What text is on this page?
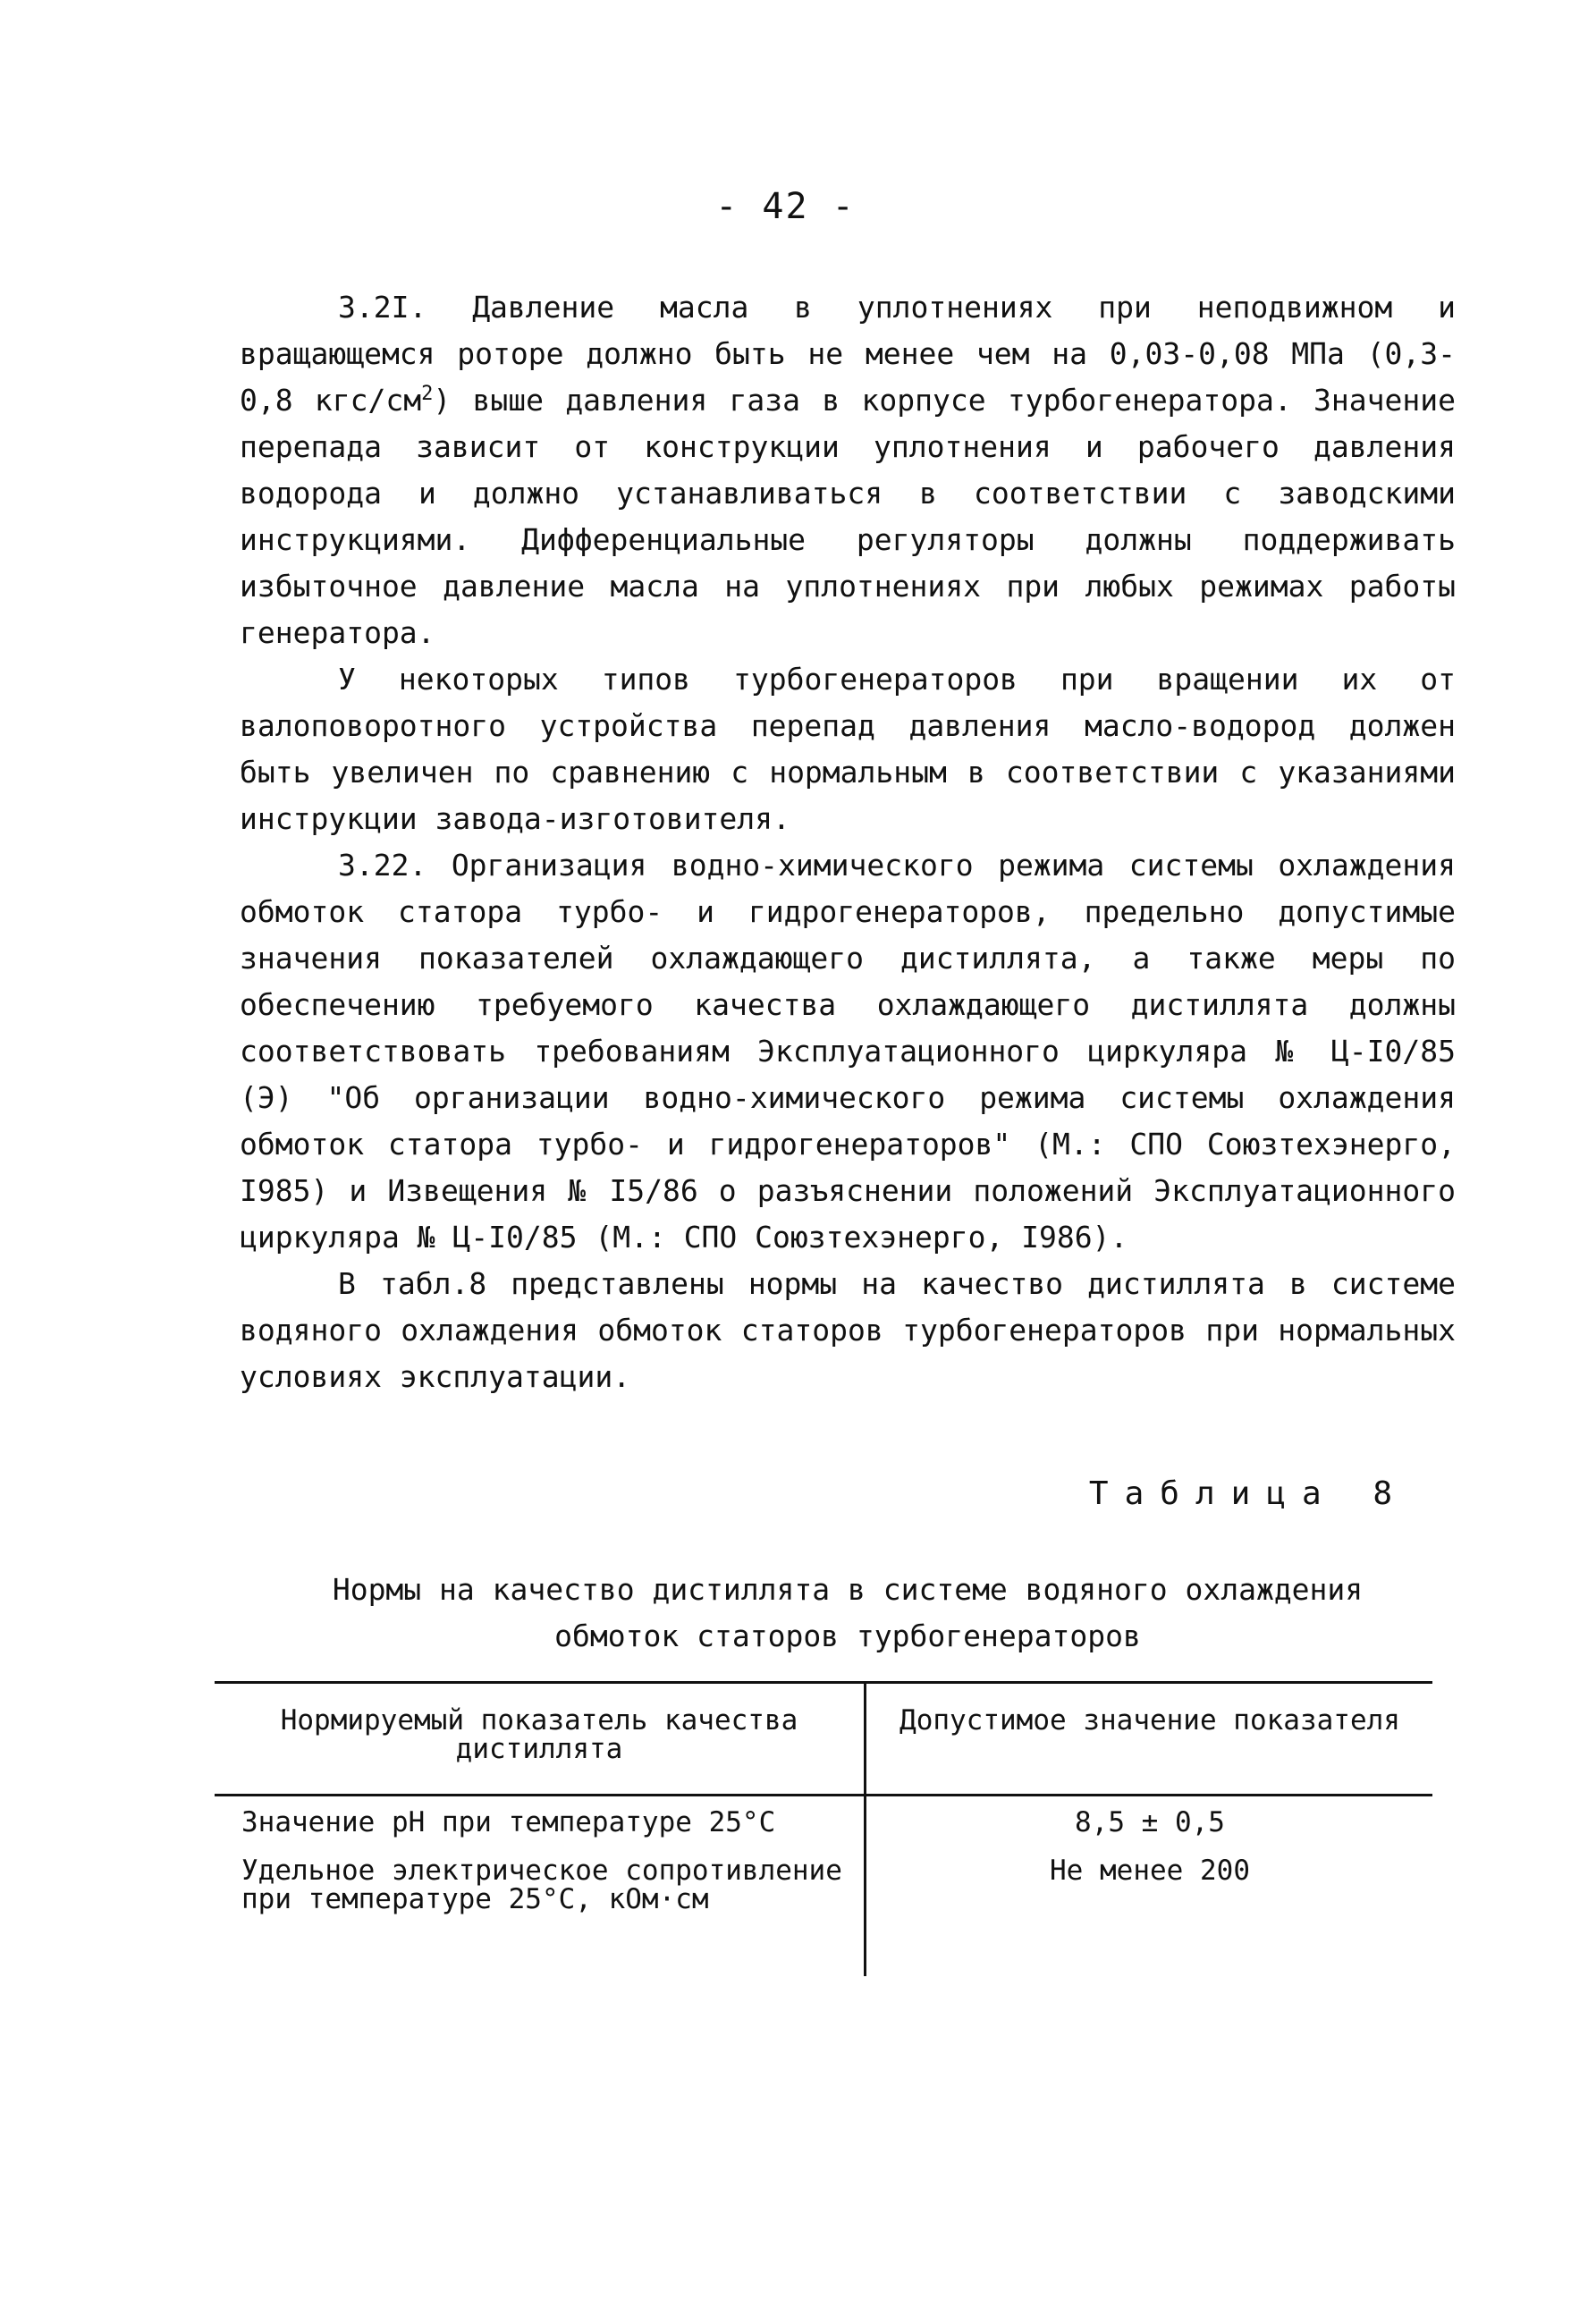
- 42 -

3.2I. Давление масла в уплотнениях при неподвижном и вращающемся роторе должно быть не менее чем на 0,03-0,08 МПа (0,3-0,8 кгс/$см^2$) выше давления газа в корпусе турбогенератора. Значение перепада зависит от конструкции уплотнения и рабочего давления водорода и должно устанавливаться в соответствии с заводскими инструкциями. Дифференциальные регуляторы должны поддерживать избыточное давление масла на уплотнениях при любых режимах работы генератора.

У некоторых типов турбогенераторов при вращении их от валоповоротного устройства перепад давления масло-водород должен быть увеличен по сравнению с нормальным в соответствии с указаниями инструкции завода-изготовителя.

3.22. Организация водно-химического режима системы охлаждения обмоток статора турбо- и гидрогенераторов, предельно допустимые значения показателей охлаждающего дистиллята, а также меры по обеспечению требуемого качества охлаждающего дистиллята должны соответствовать требованиям Эксплуатационного циркуляра № Ц-I0/85 (Э) "Об организации водно-химического режима системы охлаждения обмоток статора турбо- и гидрогенераторов" (М.: СПО Союзтехэнерго, I985) и Извещения № I5/86 о разъяснении положений Эксплуатационного циркуляра № Ц-I0/85 (М.: СПО Союзтехэнерго, I986).

В табл.8 представлены нормы на качество дистиллята в системе водяного охлаждения обмоток статоров турбогенераторов при нормальных условиях эксплуатации.

Таблица 8
Нормы на качество дистиллята в системе водяного охлаждения
обмоток статоров турбогенераторов
Нормируемый показатель качества дистиллята
Допустимое значение показателя
Значение рН при температуре 25°С	8,5 ± 0,5
Удельное электрическое сопротивление при температуре 25°С, кОм·см
Не менее 200
